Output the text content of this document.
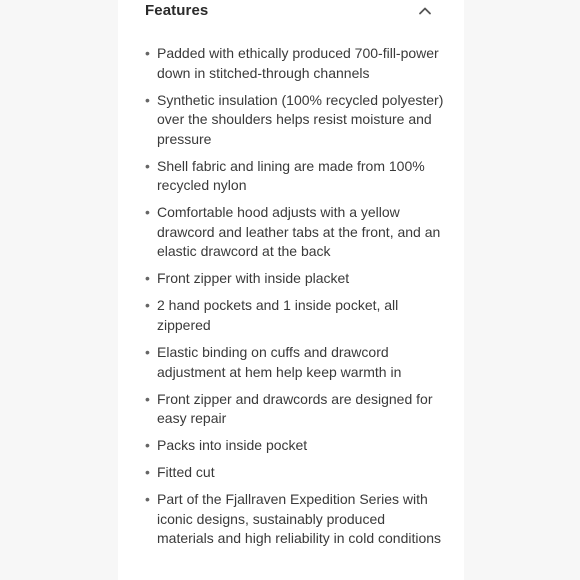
Features
• Padded with ethically produced 700-fill-power down in stitched-through channels
• Synthetic insulation (100% recycled polyester) over the shoulders helps resist moisture and pressure
• Shell fabric and lining are made from 100% recycled nylon
• Comfortable hood adjusts with a yellow drawcord and leather tabs at the front, and an elastic drawcord at the back
• Front zipper with inside placket
• 2 hand pockets and 1 inside pocket, all zippered
• Elastic binding on cuffs and drawcord adjustment at hem help keep warmth in
• Front zipper and drawcords are designed for easy repair
• Packs into inside pocket
• Fitted cut
• Part of the Fjallraven Expedition Series with iconic designs, sustainably produced materials and high reliability in cold conditions
